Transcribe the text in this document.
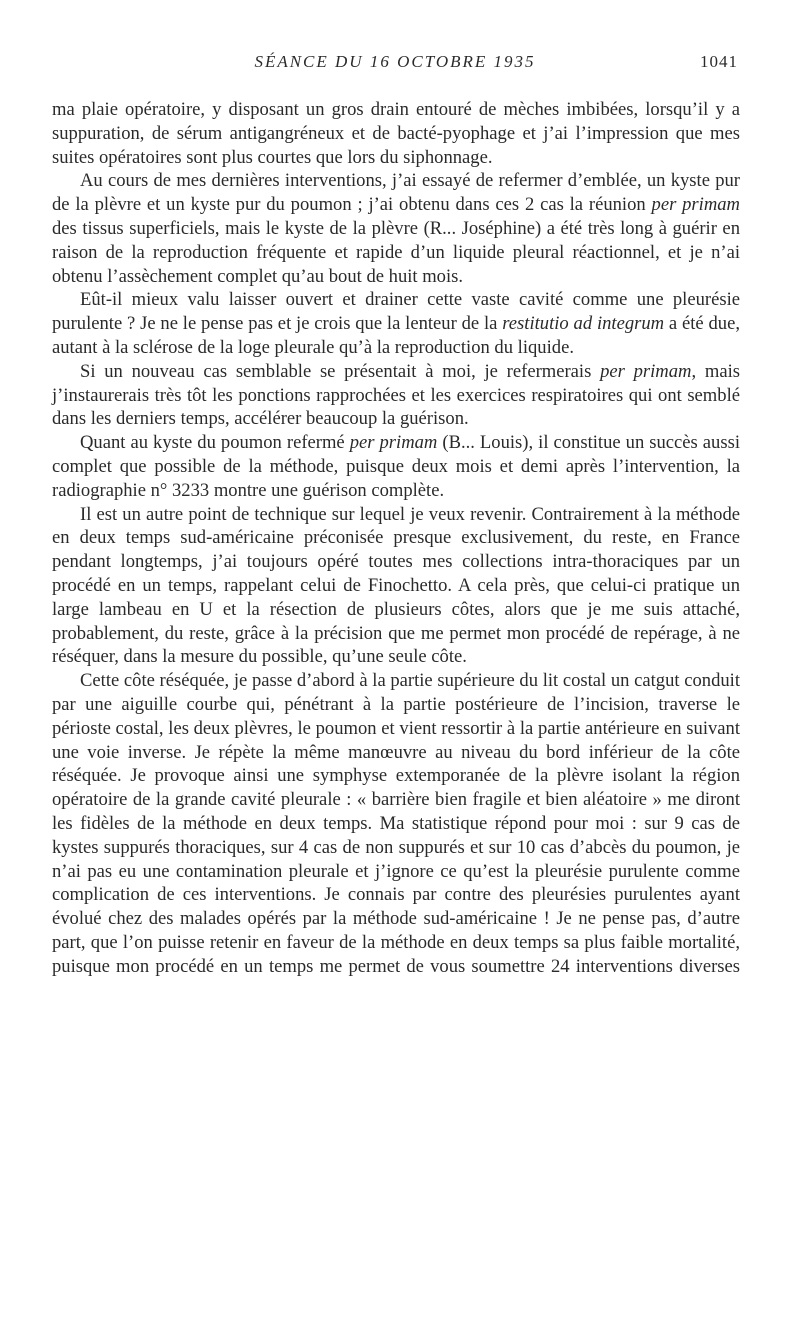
SÉANCE DU 16 OCTOBRE 1935	1041

ma plaie opératoire, y disposant un gros drain entouré de mèches imbibées, lorsqu’il y a suppuration, de sérum antigangréneux et de bacté-pyophage et j’ai l’impression que mes suites opératoires sont plus courtes que lors du siphonnage.

Au cours de mes dernières interventions, j’ai essayé de refermer d’emblée, un kyste pur de la plèvre et un kyste pur du poumon ; j’ai obtenu dans ces 2 cas la réunion per primam des tissus superficiels, mais le kyste de la plèvre (R... Joséphine) a été très long à guérir en raison de la reproduction fréquente et rapide d’un liquide pleural réactionnel, et je n’ai obtenu l’assèchement complet qu’au bout de huit mois.

Eût-il mieux valu laisser ouvert et drainer cette vaste cavité comme une pleurésie purulente ? Je ne le pense pas et je crois que la lenteur de la restitutio ad integrum a été due, autant à la sclérose de la loge pleurale qu’à la reproduction du liquide.

Si un nouveau cas semblable se présentait à moi, je refermerais per primam, mais j’instaurerais très tôt les ponctions rapprochées et les exercices respiratoires qui ont semblé dans les derniers temps, accélérer beaucoup la guérison.

Quant au kyste du poumon refermé per primam (B... Louis), il constitue un succès aussi complet que possible de la méthode, puisque deux mois et demi après l’intervention, la radiographie n° 3233 montre une guérison complète.

Il est un autre point de technique sur lequel je veux revenir. Contrairement à la méthode en deux temps sud-américaine préconisée presque exclusivement, du reste, en France pendant longtemps, j’ai toujours opéré toutes mes collections intra-thoraciques par un procédé en un temps, rappelant celui de Finochetto. A cela près, que celui-ci pratique un large lambeau en U et la résection de plusieurs côtes, alors que je me suis attaché, probablement, du reste, grâce à la précision que me permet mon procédé de repérage, à ne réséquer, dans la mesure du possible, qu’une seule côte.

Cette côte réséquée, je passe d’abord à la partie supérieure du lit costal un catgut conduit par une aiguille courbe qui, pénétrant à la partie postérieure de l’incision, traverse le périoste costal, les deux plèvres, le poumon et vient ressortir à la partie antérieure en suivant une voie inverse. Je répète la même manœuvre au niveau du bord inférieur de la côte réséquée. Je provoque ainsi une symphyse extemporanée de la plèvre isolant la région opératoire de la grande cavité pleurale : « barrière bien fragile et bien aléatoire » me diront les fidèles de la méthode en deux temps. Ma statistique répond pour moi : sur 9 cas de kystes suppurés thoraciques, sur 4 cas de non suppurés et sur 10 cas d’abcès du poumon, je n’ai pas eu une contamination pleurale et j’ignore ce qu’est la pleurésie purulente comme complication de ces interventions. Je connais par contre des pleurésies purulentes ayant évolué chez des malades opérés par la méthode sud-américaine ! Je ne pense pas, d’autre part, que l’on puisse retenir en faveur de la méthode en deux temps sa plus faible mortalité, puisque mon procédé en un temps me permet de vous soumettre 24 interventions diverses
